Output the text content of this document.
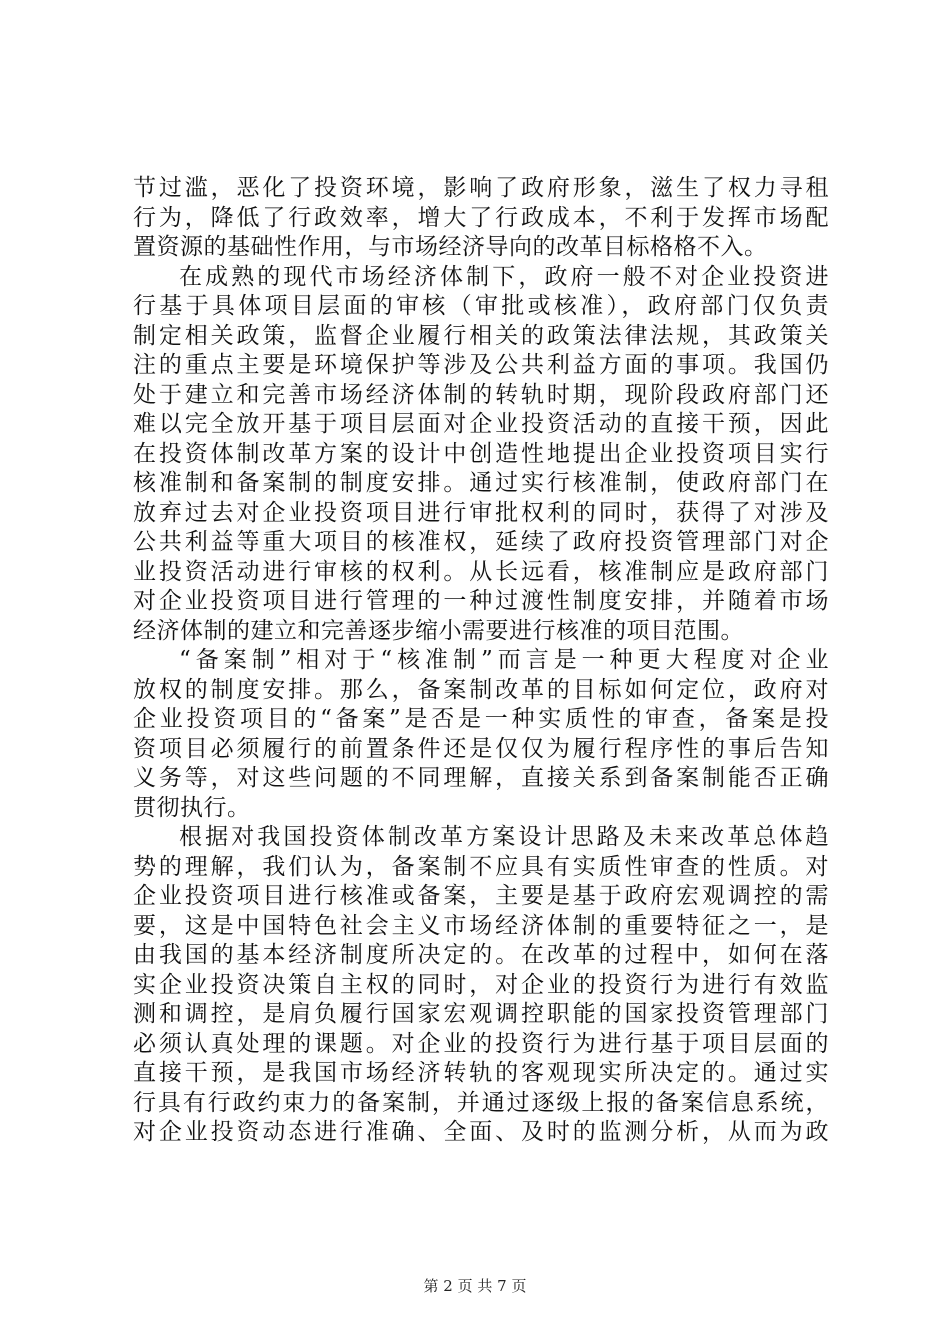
节过滥，恶化了投资环境，影响了政府形象，滋生了权力寻租
行为，降低了行政效率，增大了行政成本，不利于发挥市场配
置资源的基础性作用，与市场经济导向的改革目标格格不入。
在成熟的现代市场经济体制下，政府一般不对企业投资进
行基于具体项目层面的审核（审批或核准），政府部门仅负责
制定相关政策，监督企业履行相关的政策法律法规，其政策关
注的重点主要是环境保护等涉及公共利益方面的事项。我国仍
处于建立和完善市场经济体制的转轨时期，现阶段政府部门还
难以完全放开基于项目层面对企业投资活动的直接干预，因此
在投资体制改革方案的设计中创造性地提出企业投资项目实行
核准制和备案制的制度安排。通过实行核准制，使政府部门在
放弃过去对企业投资项目进行审批权利的同时，获得了对涉及
公共利益等重大项目的核准权，延续了政府投资管理部门对企
业投资活动进行审核的权利。从长远看，核准制应是政府部门
对企业投资项目进行管理的一种过渡性制度安排，并随着市场
经济体制的建立和完善逐步缩小需要进行核准的项目范围。
“备案制”相对于“核准制”而言是一种更大程度对企业
放权的制度安排。那么，备案制改革的目标如何定位，政府对
企业投资项目的“备案”是否是一种实质性的审查，备案是投
资项目必须履行的前置条件还是仅仅为履行程序性的事后告知
义务等，对这些问题的不同理解，直接关系到备案制能否正确
贯彻执行。
根据对我国投资体制改革方案设计思路及未来改革总体趋
势的理解，我们认为，备案制不应具有实质性审查的性质。对
企业投资项目进行核准或备案，主要是基于政府宏观调控的需
要，这是中国特色社会主义市场经济体制的重要特征之一，是
由我国的基本经济制度所决定的。在改革的过程中，如何在落
实企业投资决策自主权的同时，对企业的投资行为进行有效监
测和调控，是肩负履行国家宏观调控职能的国家投资管理部门
必须认真处理的课题。对企业的投资行为进行基于项目层面的
直接干预，是我国市场经济转轨的客观现实所决定的。通过实
行具有行政约束力的备案制，并通过逐级上报的备案信息系统，
对企业投资动态进行准确、全面、及时的监测分析，从而为政
第 2 页 共 7 页
